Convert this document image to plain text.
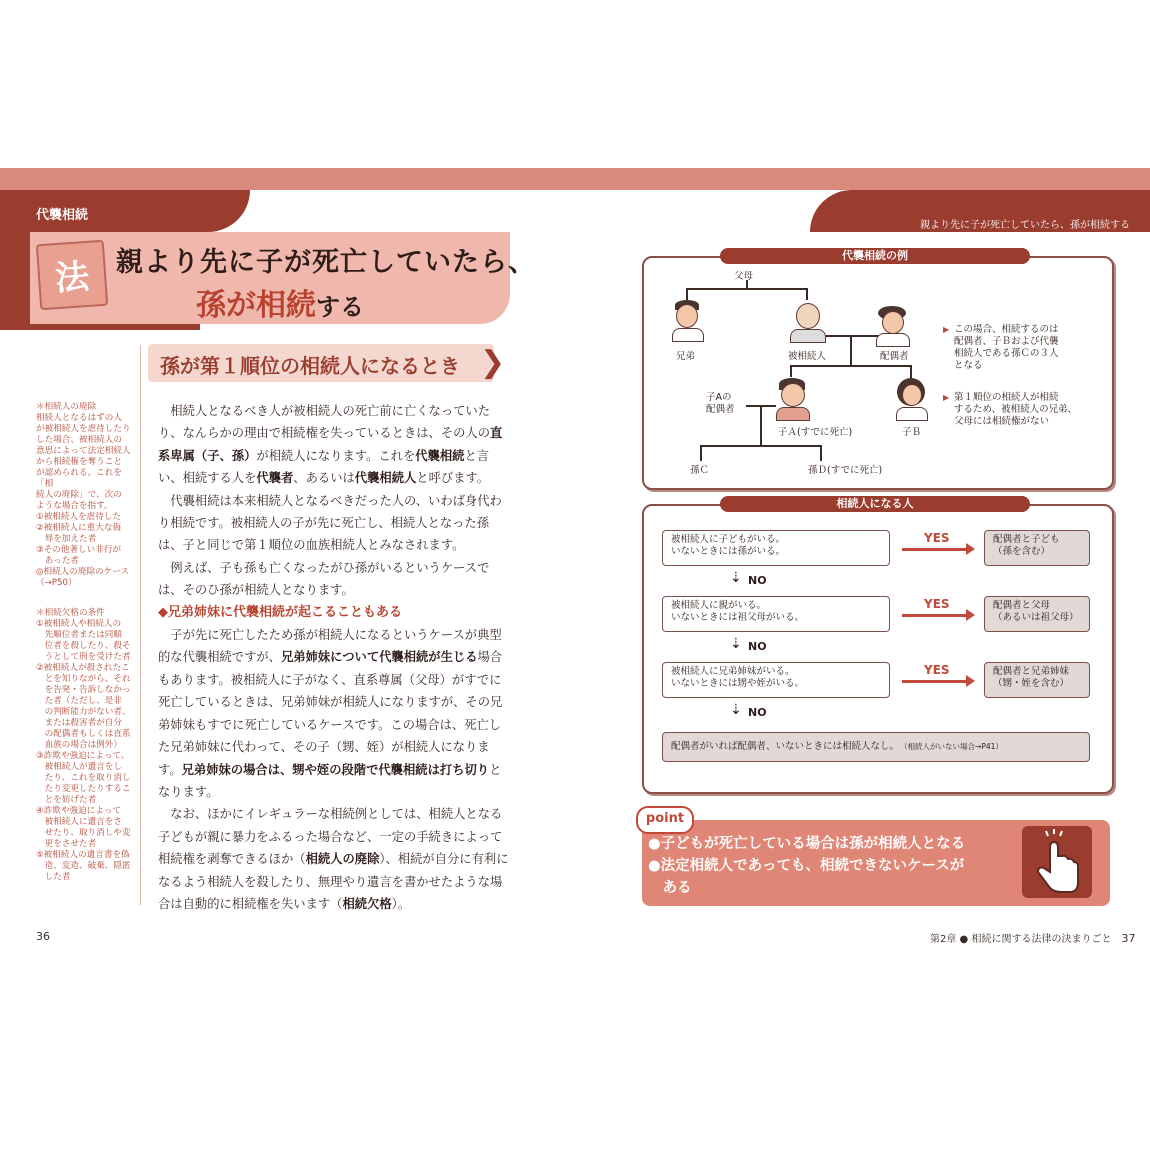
代襲相続
親より先に子が死亡していたら、孫が相続する
法 親より先に子が死亡していたら、
孫が相続する
孫が第１順位の相続人になるとき ❯
＊相続人の廃除
相続人となるはずの人
が被相続人を虐待したり
した場合、被相続人の
意思によって法定相続人
から相続権を奪うこと
が認められる。これを「相
続人の廃除」で、次の
ような場合を指す。
①被相続人を虐待した
②被相続人に重大な侮
　辱を加えた者
③その他著しい非行が
　あった者
◎相続人の廃除のケース
（→P50）
＊相続欠格の条件
①被相続人や相続人の
　先順位者または同順
　位者を殺したり、殺そ
　うとして刑を受けた者
②被相続人が殺されたこ
　とを知りながら、それ
　を告発・告訴しなかっ
　た者（ただし、是非
　の判断能力がない者、
　または殺害者が自分
　の配偶者もしくは直系
　血族の場合は例外）
③詐欺や強迫によって、
　被相続人が遺言をし
　たり、これを取り消し
　たり変更したりするこ
　とを妨げた者
④詐欺や強迫によって
　被相続人に遺言をさ
　せたり、取り消しや変
　更をさせた者
⑤被相続人の遺言書を偽
　造、変造、破棄、隠匿
　した者

相続人となるべき人が被相続人の死亡前に亡くなっていたり、なんらかの理由で相続権を失っているときは、その人の直系卑属（子、孫）が相続人になります。これを代襲相続と言い、相続する人を代襲者、あるいは代襲相続人と呼びます。

代襲相続は本来相続人となるべきだった人の、いわば身代わり相続です。被相続人の子が先に死亡し、相続人となった孫は、子と同じで第１順位の血族相続人とみなされます。

例えば、子も孫も亡くなったがひ孫がいるというケースでは、そのひ孫が相続人となります。

◆兄弟姉妹に代襲相続が起こることもある

子が先に死亡したため孫が相続人になるというケースが典型的な代襲相続ですが、兄弟姉妹について代襲相続が生じる場合もあります。被相続人に子がなく、直系尊属（父母）がすでに死亡しているときは、兄弟姉妹が相続人になりますが、その兄弟姉妹もすでに死亡しているケースです。この場合は、死亡した兄弟姉妹に代わって、その子（甥、姪）が相続人になります。兄弟姉妹の場合は、甥や姪の段階で代襲相続は打ち切りとなります。

なお、ほかにイレギュラーな相続例としては、相続人となる子どもが親に暴力をふるった場合など、一定の手続きによって相続権を剥奪できるほか（相続人の廃除）、相続が自分に有利になるよう相続人を殺したり、無理やり遺言を書かせたような場合は自動的に相続権を失います（相続欠格）。

36	第2章 ● 相続に関する法律の決まりごと　 37
代襲相続の例
父母
兄弟	被相続人	配偶者
子Aの
配偶者
子Ａ(すでに死亡)	子Ｂ
孫Ｃ	孫Ｄ(すでに死亡)
▶ この場合、相続するのは
配偶者、子Ｂおよび代襲
相続人である孫Ｃの３人
となる
▶ 第１順位の相続人が相続
するため、被相続人の兄弟、
父母には相続権がない
相続人になる人
被相続人に子どもがいる。
いないときには孫がいる。
YES	配偶者と子ども
（孫を含む）
⇣ NO
被相続人に親がいる。
いないときには祖父母がいる。
YES	配偶者と父母
（あるいは祖父母）
⇣ NO
被相続人に兄弟姉妹がいる。
いないときには甥や姪がいる。
YES	配偶者と兄弟姉妹
（甥・姪を含む）
⇣ NO
配偶者がいれば配偶者、いないときには相続人なし。　 （相続人がいない場合→P41）
point
●子どもが死亡している場合は孫が相続人となる
●法定相続人であっても、相続できないケースが
　ある
